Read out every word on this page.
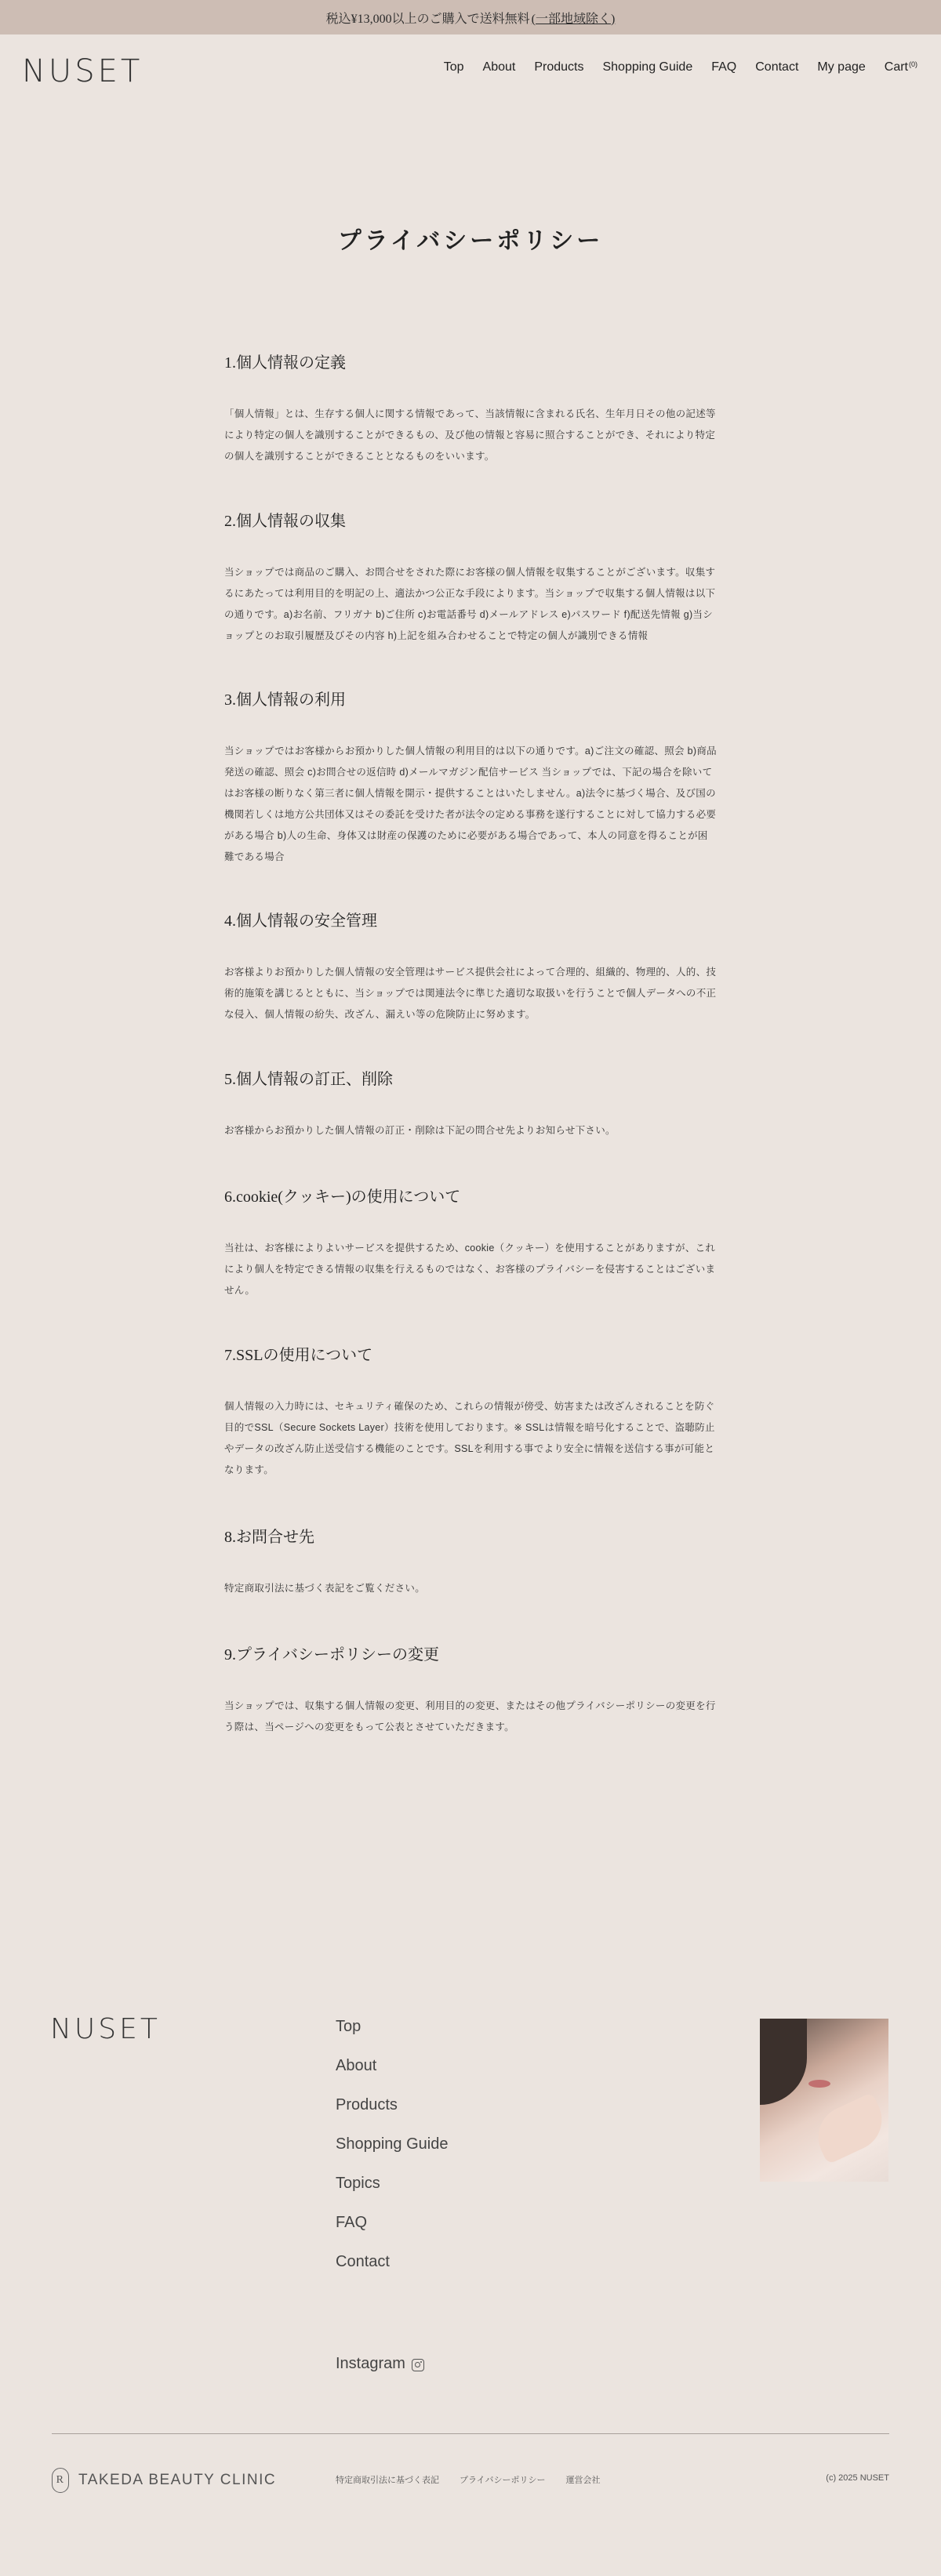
税込¥13,000以上のご購入で送料無料 (一部地域除く)
NUSET	Top About Products Shopping Guide FAQ Contact My page Cart$^{(0)}$
プライバシーポリシー
1.個人情報の定義

「個人情報」とは、生存する個人に関する情報であって、当該情報に含まれる氏名、生年月日その他の記述等により特定の個人を識別することができるもの、及び他の情報と容易に照合することができ、それにより特定の個人を識別することができることとなるものをいいます。

2.個人情報の収集

当ショップでは商品のご購入、お問合せをされた際にお客様の個人情報を収集することがございます。収集するにあたっては利用目的を明記の上、適法かつ公正な手段によります。当ショップで収集する個人情報は以下の通りです。a)お名前、フリガナ b)ご住所 c)お電話番号 d)メールアドレス e)パスワード f)配送先情報 g)当ショップとのお取引履歴及びその内容 h)上記を組み合わせることで特定の個人が識別できる情報

3.個人情報の利用

当ショップではお客様からお預かりした個人情報の利用目的は以下の通りです。a)ご注文の確認、照会 b)商品発送の確認、照会 c)お問合せの返信時 d)メールマガジン配信サービス 当ショップでは、下記の場合を除いてはお客様の断りなく第三者に個人情報を開示・提供することはいたしません。a)法令に基づく場合、及び国の機関若しくは地方公共団体又はその委託を受けた者が法令の定める事務を遂行することに対して協力する必要がある場合 b)人の生命、身体又は財産の保護のために必要がある場合であって、本人の同意を得ることが困難である場合

4.個人情報の安全管理

お客様よりお預かりした個人情報の安全管理はサービス提供会社によって合理的、組織的、物理的、人的、技術的施策を講じるとともに、当ショップでは関連法令に準じた適切な取扱いを行うことで個人データへの不正な侵入、個人情報の紛失、改ざん、漏えい等の危険防止に努めます。

5.個人情報の訂正、削除

お客様からお預かりした個人情報の訂正・削除は下記の問合せ先よりお知らせ下さい。

6.cookie(クッキー)の使用について

当社は、お客様によりよいサービスを提供するため、cookie（クッキー）を使用することがありますが、これにより個人を特定できる情報の収集を行えるものではなく、お客様のプライバシーを侵害することはございません。

7.SSLの使用について

個人情報の入力時には、セキュリティ確保のため、これらの情報が傍受、妨害または改ざんされることを防ぐ目的でSSL（Secure Sockets Layer）技術を使用しております。※ SSLは情報を暗号化することで、盗聴防止やデータの改ざん防止送受信する機能のことです。SSLを利用する事でより安全に情報を送信する事が可能となります。

8.お問合せ先

特定商取引法に基づく表記をご覧ください。

9.プライバシーポリシーの変更

当ショップでは、収集する個人情報の変更、利用目的の変更、またはその他プライバシーポリシーの変更を行う際は、当ページへの変更をもって公表とさせていただきます。

NUSET	Top
About
Products
Shopping Guide
Topics
FAQ
Contact
Instagram
R TAKEDA BEAUTY CLINIC	特定商取引法に基づく表記 プライバシーポリシー 運営会社	(c) 2025 NUSET
